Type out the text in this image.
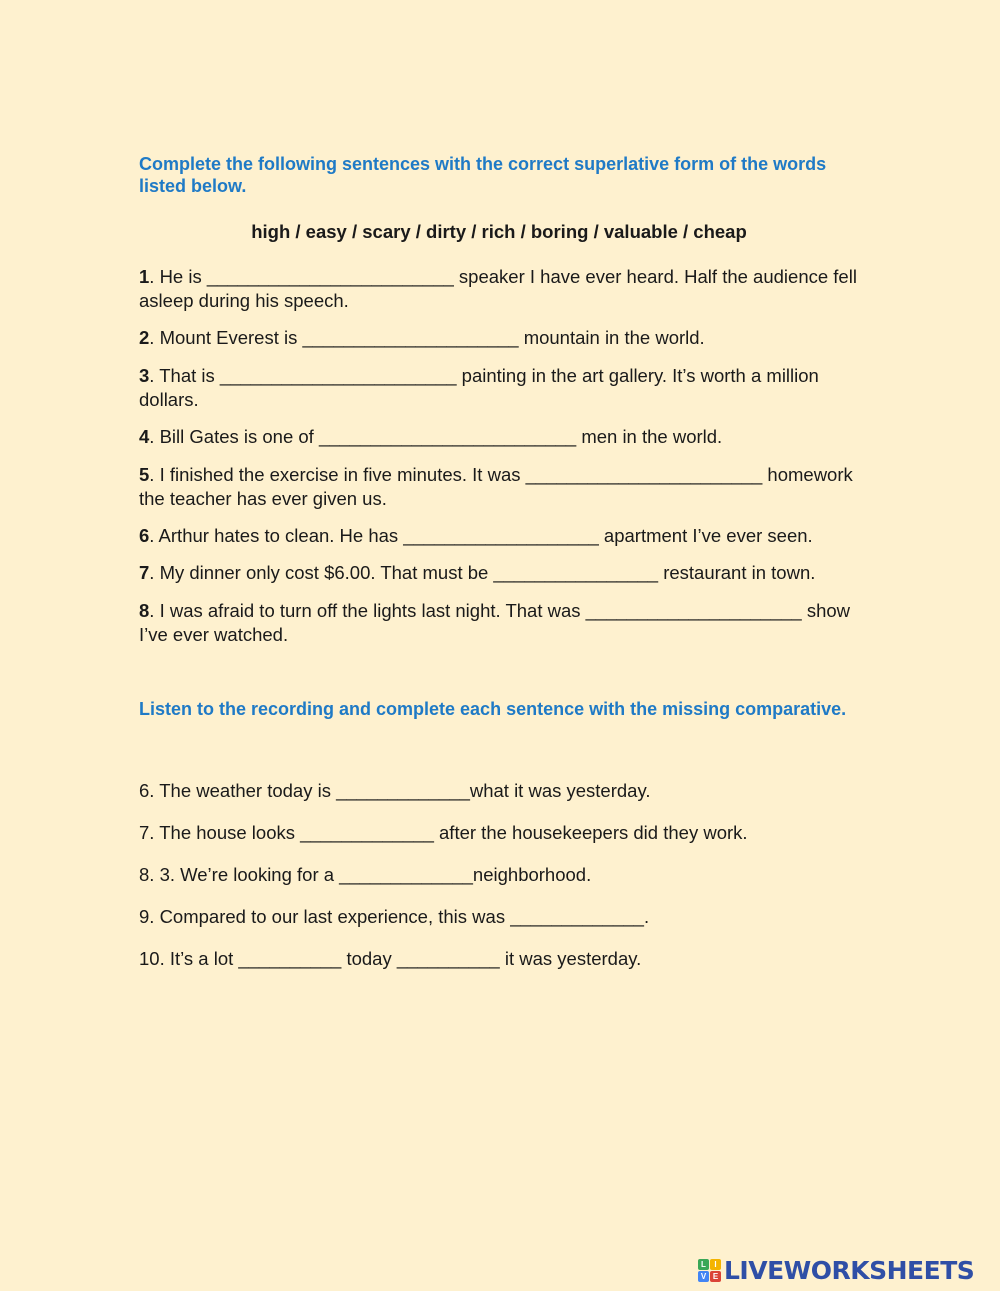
Complete the following sentences with the correct superlative form of the words listed below.

high / easy / scary / dirty / rich / boring / valuable / cheap

1. He is ________________________ speaker I have ever heard. Half the audience fell asleep during his speech.

2. Mount Everest is _____________________ mountain in the world.

3. That is _______________________ painting in the art gallery. It’s worth a million dollars.

4. Bill Gates is one of _________________________ men in the world.

5. I finished the exercise in five minutes. It was _______________________ homework the teacher has ever given us.

6. Arthur hates to clean. He has ___________________ apartment I’ve ever seen.

7. My dinner only cost $6.00. That must be ________________ restaurant in town.

8. I was afraid to turn off the lights last night. That was _____________________ show I’ve ever watched.

Listen to the recording and complete each sentence with the missing comparative.

6. The weather today is _____________what it was yesterday.

7. The house looks _____________ after the housekeepers did they work.

8. 3. We’re looking for a _____________neighborhood.

9. Compared to our last experience, this was _____________.

10. It’s a lot __________ today __________ it was yesterday.

L	I
V E LIVEWORKSHEETS
